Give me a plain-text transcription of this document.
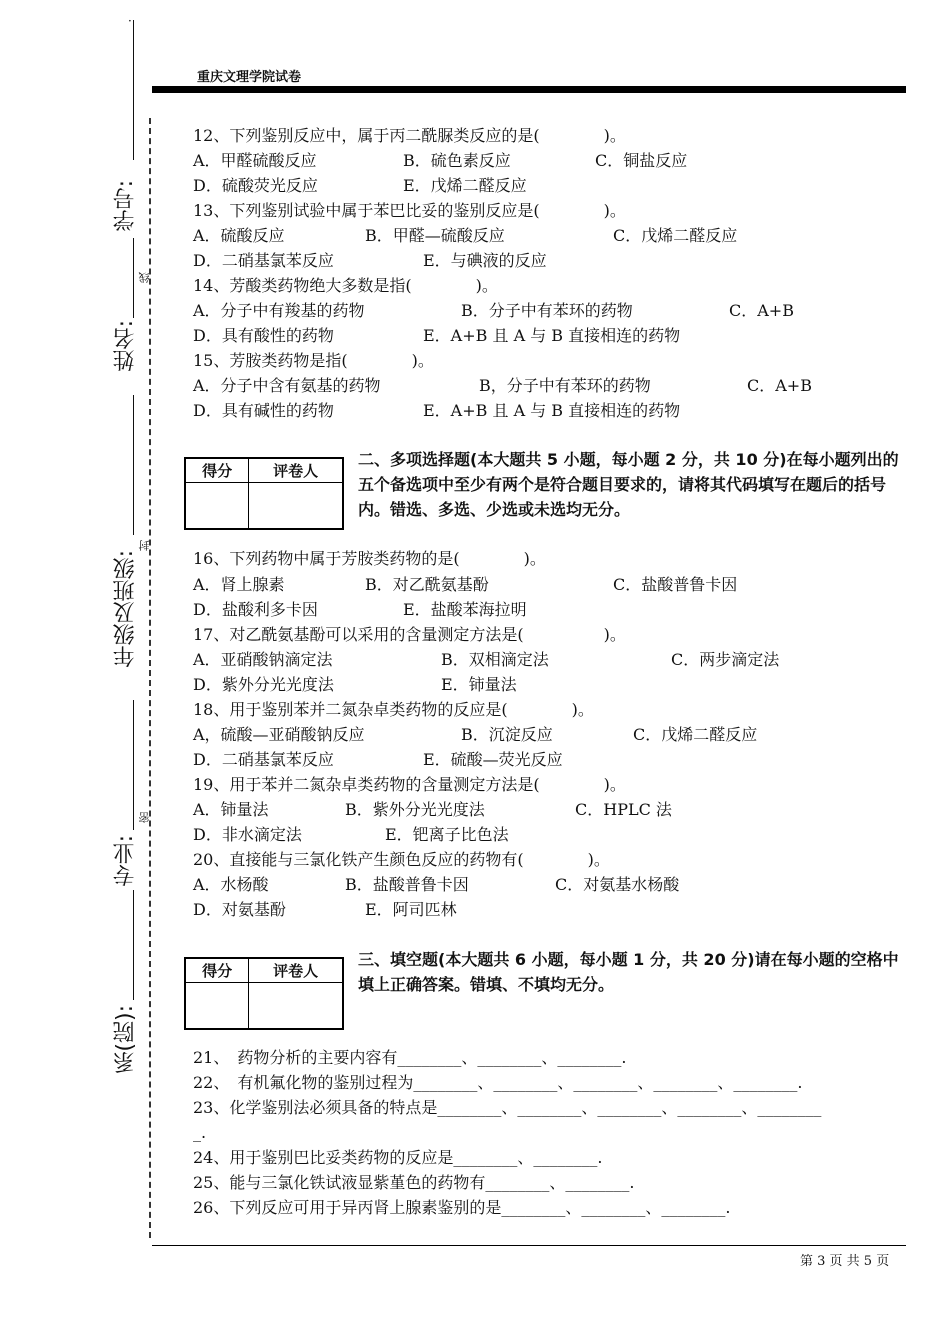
·
学号:
线
姓名:
封
年级及班级:
密
专业:
系(院):
重庆文理学院试卷
12、下列鉴别反应中，属于丙二酰脲类反应的是(　　　　)。
A．甲醛硫酸反应	B．硫色素反应	C．铜盐反应
D．硫酸荧光反应	E．戊烯二醛反应
13、下列鉴别试验中属于苯巴比妥的鉴别反应是(　　　　)。
A．硫酸反应	B．甲醛—硫酸反应	C．戊烯二醛反应
D．二硝基氯苯反应	E．与碘液的反应
14、芳酸类药物绝大多数是指(　　　　)。
A．分子中有羧基的药物	B．分子中有苯环的药物	C．A+B
D．具有酸性的药物	E．A+B 且 A 与 B 直接相连的药物
15、芳胺类药物是指(　　　　)。
A．分子中含有氨基的药物	B，分子中有苯环的药物	C．A+B
D．具有碱性的药物	E．A+B 且 A 与 B 直接相连的药物
得分	评卷人

二、多项选择题(本大题共 5 小题，每小题 2 分，共 10 分)在每小题列出的五个备选项中至少有两个是符合题目要求的，请将其代码填写在题后的括号内。错选、多选、少选或未选均无分。
16、下列药物中属于芳胺类药物的是(　　　　)。
A．肾上腺素	B．对乙酰氨基酚	C．盐酸普鲁卡因
D．盐酸利多卡因	E．盐酸苯海拉明
17、对乙酰氨基酚可以采用的含量测定方法是(　　　　　)。
A．亚硝酸钠滴定法	B．双相滴定法	C．两步滴定法
D．紫外分光光度法	E．铈量法
18、用于鉴别苯并二氮杂卓类药物的反应是(　　　　)。
A，硫酸—亚硝酸钠反应	B．沉淀反应	C．戊烯二醛反应
D．二硝基氯苯反应	E．硫酸—荧光反应
19、用于苯并二氮杂卓类药物的含量测定方法是(　　　　)。
A．铈量法	B．紫外分光光度法	C．HPLC 法
D．非水滴定法	E．钯离子比色法
20、直接能与三氯化铁产生颜色反应的药物有(　　　　)。
A．水杨酸	B．盐酸普鲁卡因	C．对氨基水杨酸
D．对氨基酚	E．阿司匹林
得分	评卷人

三、填空题(本大题共 6 小题，每小题 1 分，共 20 分)请在每小题的空格中填上正确答案。错填、不填均无分。
21、　药物分析的主要内容有________、________、________.
22、　有机氟化物的鉴别过程为________、________、________、________、________.
23、化学鉴别法必须具备的特点是________、________、________、________、________
_.
24、用于鉴别巴比妥类药物的反应是________、________.
25、能与三氯化铁试液显紫堇色的药物有________、________.
26、下列反应可用于异丙肾上腺素鉴别的是________、________、________.
第 3 页 共 5 页
